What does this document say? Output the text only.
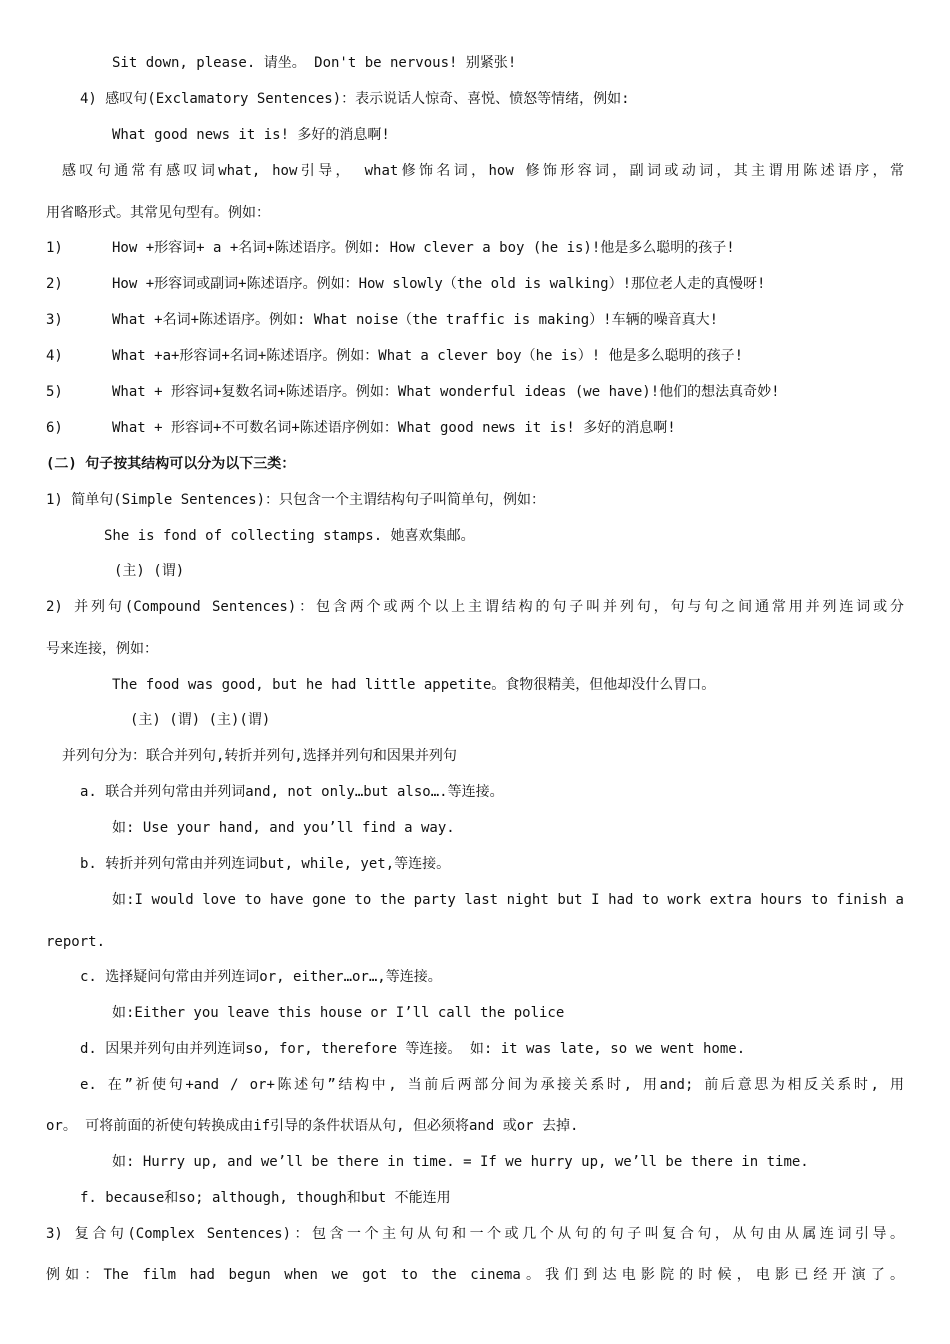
Sit down, please. 请坐。 Don't be nervous! 别紧张!
4) 感叹句(Exclamatory Sentences)：表示说话人惊奇、喜悦、愤怒等情绪，例如:
What good news it is! 多好的消息啊!
感叹句通常有感叹词what, how引导， what修饰名词，how 修饰形容词，副词或动词，其主谓用陈述语序，常
用省略形式。其常见句型有。例如：
1)	How +形容词+ a +名词+陈述语序。例如: How clever a boy (he is)!他是多么聪明的孩子!
2)	How +形容词或副词+陈述语序。例如：How slowly（the old is walking）!那位老人走的真慢呀!
3)	What +名词+陈述语序。例如: What noise（the traffic is making）!车辆的噪音真大!
4)	What +a+形容词+名词+陈述语序。例如：What a clever boy（he is）! 他是多么聪明的孩子!
5)	What + 形容词+复数名词+陈述语序。例如：What wonderful ideas (we have)!他们的想法真奇妙!
6)	What + 形容词+不可数名词+陈述语序例如：What good news it is! 多好的消息啊!
(二) 句子按其结构可以分为以下三类：
1) 简单句(Simple Sentences)：只包含一个主谓结构句子叫简单句，例如：
She is fond of collecting stamps. 她喜欢集邮。
(主) (谓)
2) 并列句(Compound Sentences)：包含两个或两个以上主谓结构的句子叫并列句，句与句之间通常用并列连词或分
号来连接，例如：
The food was good, but he had little appetite。食物很精美，但他却没什么胃口。
(主) (谓) (主)(谓)
并列句分为：联合并列句,转折并列句,选择并列句和因果并列句
a. 联合并列句常由并列词and, not only…but also….等连接。
如: Use your hand, and you’ll find a way.
b. 转折并列句常由并列连词but, while, yet,等连接。
如:I would love to have gone to the party last night but I had to work extra hours to finish a
report.
c. 选择疑问句常由并列连词or, either…or…,等连接。
如:Either you leave this house or I’ll call the police
d. 因果并列句由并列连词so, for, therefore 等连接。 如: it was late, so we went home.
e. 在”祈使句+and / or+陈述句”结构中, 当前后两部分间为承接关系时, 用and; 前后意思为相反关系时, 用
or。 可将前面的祈使句转换成由if引导的条件状语从句, 但必须将and 或or 去掉.
如: Hurry up, and we’ll be there in time. = If we hurry up, we’ll be there in time.
f. because和so; although, though和but 不能连用
3) 复合句(Complex Sentences)：包含一个主句从句和一个或几个从句的句子叫复合句，从句由从属连词引导。
例如：The film had begun when we got to the cinema。我们到达电影院的时候，电影已经开演了。
